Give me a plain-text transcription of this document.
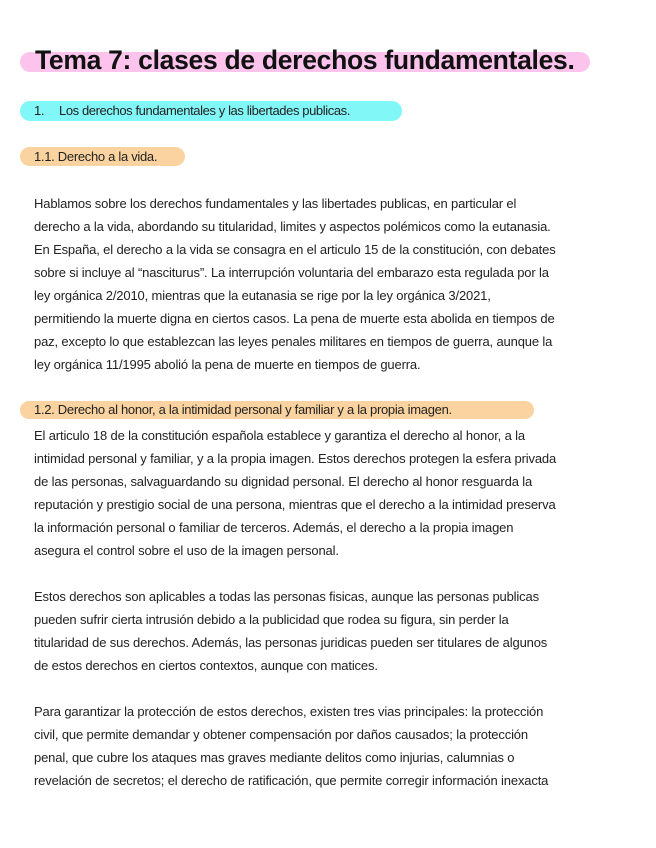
Tema 7: clases de derechos fundamentales.
1. Los derechos fundamentales y las libertades publicas.
1.1. Derecho a la vida.
Hablamos sobre los derechos fundamentales y las libertades publicas, en particular el
derecho a la vida, abordando su titularidad, limites y aspectos polémicos como la eutanasia.
En España, el derecho a la vida se consagra en el articulo 15 de la constitución, con debates
sobre si incluye al “nasciturus”. La interrupción voluntaria del embarazo esta regulada por la
ley orgánica 2/2010, mientras que la eutanasia se rige por la ley orgánica 3/2021,
permitiendo la muerte digna en ciertos casos. La pena de muerte esta abolida en tiempos de
paz, excepto lo que establezcan las leyes penales militares en tiempos de guerra, aunque la
ley orgánica 11/1995 abolió la pena de muerte en tiempos de guerra.
1.2. Derecho al honor, a la intimidad personal y familiar y a la propia imagen.
El articulo 18 de la constitución española establece y garantiza el derecho al honor, a la
intimidad personal y familiar, y a la propia imagen. Estos derechos protegen la esfera privada
de las personas, salvaguardando su dignidad personal. El derecho al honor resguarda la
reputación y prestigio social de una persona, mientras que el derecho a la intimidad preserva
la información personal o familiar de terceros. Además, el derecho a la propia imagen
asegura el control sobre el uso de la imagen personal.
Estos derechos son aplicables a todas las personas fisicas, aunque las personas publicas
pueden sufrir cierta intrusión debido a la publicidad que rodea su figura, sin perder la
titularidad de sus derechos. Además, las personas juridicas pueden ser titulares de algunos
de estos derechos en ciertos contextos, aunque con matices.
Para garantizar la protección de estos derechos, existen tres vias principales: la protección
civil, que permite demandar y obtener compensación por daños causados; la protección
penal, que cubre los ataques mas graves mediante delitos como injurias, calumnias o
revelación de secretos; el derecho de ratificación, que permite corregir información inexacta
